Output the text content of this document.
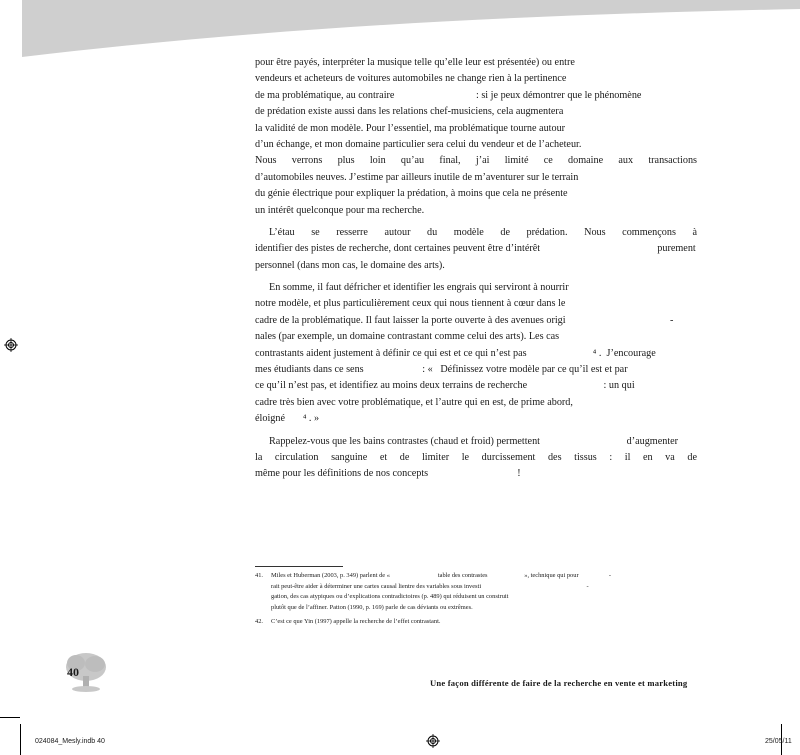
pour être payés, interpréter la musique telle qu’elle leur est présentée) ou entre
vendeurs et acheteurs de voitures automobiles ne change rien à la pertinence
de ma problématique, au contraire                                : si je peux démontrer que le phénomène
de prédation existe aussi dans les relations chef-musiciens, cela augmentera
la validité de mon modèle. Pour l’essentiel, ma problématique tourne autour
d’un échange, et mon domaine particulier sera celui du vendeur et de l’acheteur.
Nous verrons plus loin qu’au final, j’ai limité ce domaine aux transactions
d’automobiles neuves. J’estime par ailleurs inutile de m’aventurer sur le terrain
du génie électrique pour expliquer la prédation, à moins que cela ne présente
un intérêt quelconque pour ma recherche.

L’étau se resserre autour du modèle de prédation. Nous commençons à
identifier des pistes de recherche, dont certaines peuvent être d’intérêt                                              purement
personnel (dans mon cas, le domaine des arts).

En somme, il faut défricher et identifier les engrais qui serviront à nourrir
notre modèle, et plus particulièrement ceux qui nous tiennent à cœur dans le
cadre de la problématique. Il faut laisser la porte ouverte à des avenues origi                                         -
nales (par exemple, un domaine contrastant comme celui des arts). Les cas
contrastants aident justement à définir ce qui est et ce qui n’est pas                          ⁴ .  J’encourage
mes étudiants dans ce sens                       : «   Définissez votre modèle par ce qu’il est et par
ce qu’il n’est pas, et identifiez au moins deux terrains de recherche                              : un qui
cadre très bien avec votre problématique, et l’autre qui en est, de prime abord,
éloigné       ⁴ . »

Rappelez-vous que les bains contrastes (chaud et froid) permettent                                  d’augmenter
la circulation sanguine et de limiter le durcissement des tissus : il en va de
même pour les définitions de nos concepts                                   !

41.	Miles et Huberman (2003, p. 349) parlent de «                              table des contrastes                       », technique qui pour                   -
rait peut-être aider à déterminer une cartes causal lientre des variables sous investi                                                                  -
gation, des cas atypiques ou d’explications contradictoires (p. 489) qui réduisent un construit
plutôt que de l’affiner. Patton (1990, p. 169) parle de cas déviants ou extrêmes.
42.	C’est ce que Yin (1997) appelle la recherche de l’effet contrastant.
40
Une façon différente de faire de la recherche en vente et marketing
024084_Mesly.indb 40	25/05/11
